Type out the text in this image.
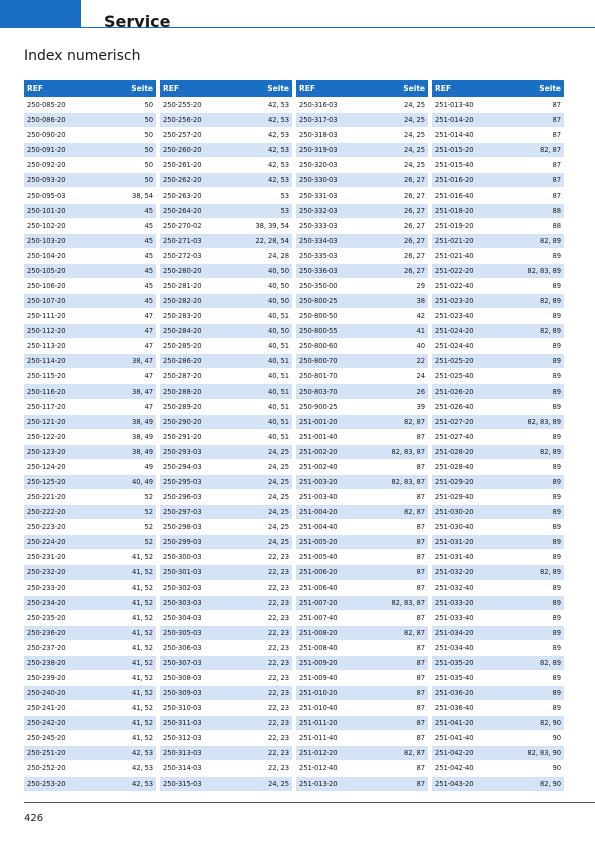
Service
Index numerisch
REF	Seite
250-085-20	50
250-086-20	50
250-090-20	50
250-091-20	50
250-092-20	50
250-093-20	50
250-095-03	38, 54
250-101-20	45
250-102-20	45
250-103-20	45
250-104-20	45
250-105-20	45
250-106-20	45
250-107-20	45
250-111-20	47
250-112-20	47
250-113-20	47
250-114-20	38, 47
250-115-20	47
250-116-20	38, 47
250-117-20	47
250-121-20	38, 49
250-122-20	38, 49
250-123-20	38, 49
250-124-20	49
250-125-20	40, 49
250-221-20	52
250-222-20	52
250-223-20	52
250-224-20	52
250-231-20	41, 52
250-232-20	41, 52
250-233-20	41, 52
250-234-20	41, 52
250-235-20	41, 52
250-236-20	41, 52
250-237-20	41, 52
250-238-20	41, 52
250-239-20	41, 52
250-240-20	41, 52
250-241-20	41, 52
250-242-20	41, 52
250-245-20	41, 52
250-251-20	42, 53
250-252-20	42, 53
250-253-20	42, 53
REF	Seite
250-255-20	42, 53
250-256-20	42, 53
250-257-20	42, 53
250-260-20	42, 53
250-261-20	42, 53
250-262-20	42, 53
250-263-20	53
250-264-20	53
250-270-02	38, 39, 54
250-271-03	22, 28, 54
250-272-03	24, 28
250-280-20	40, 50
250-281-20	40, 50
250-282-20	40, 50
250-283-20	40, 51
250-284-20	40, 50
250-285-20	40, 51
250-286-20	40, 51
250-287-20	40, 51
250-288-20	40, 51
250-289-20	40, 51
250-290-20	40, 51
250-291-20	40, 51
250-293-03	24, 25
250-294-03	24, 25
250-295-03	24, 25
250-296-03	24, 25
250-297-03	24, 25
250-298-03	24, 25
250-299-03	24, 25
250-300-03	22, 23
250-301-03	22, 23
250-302-03	22, 23
250-303-03	22, 23
250-304-03	22, 23
250-305-03	22, 23
250-306-03	22, 23
250-307-03	22, 23
250-308-03	22, 23
250-309-03	22, 23
250-310-03	22, 23
250-311-03	22, 23
250-312-03	22, 23
250-313-03	22, 23
250-314-03	22, 23
250-315-03	24, 25
REF	Seite
250-316-03	24, 25
250-317-03	24, 25
250-318-03	24, 25
250-319-03	24, 25
250-320-03	24, 25
250-330-03	26, 27
250-331-03	26, 27
250-332-03	26, 27
250-333-03	26, 27
250-334-03	26, 27
250-335-03	26, 27
250-336-03	26, 27
250-350-00	29
250-800-25	38
250-800-50	42
250-800-55	41
250-800-60	40
250-800-70	22
250-801-70	24
250-803-70	26
250-900-25	39
251-001-20	82, 87
251-001-40	87
251-002-20	82, 83, 87
251-002-40	87
251-003-20	82, 83, 87
251-003-40	87
251-004-20	82, 87
251-004-40	87
251-005-20	87
251-005-40	87
251-006-20	87
251-006-40	87
251-007-20	82, 83, 87
251-007-40	87
251-008-20	82, 87
251-008-40	87
251-009-20	87
251-009-40	87
251-010-20	87
251-010-40	87
251-011-20	87
251-011-40	87
251-012-20	82, 87
251-012-40	87
251-013-20	87
REF	Seite
251-013-40	87
251-014-20	87
251-014-40	87
251-015-20	82, 87
251-015-40	87
251-016-20	87
251-016-40	87
251-018-20	88
251-019-20	88
251-021-20	82, 89
251-021-40	89
251-022-20	82, 83, 89
251-022-40	89
251-023-20	82, 89
251-023-40	89
251-024-20	82, 89
251-024-40	89
251-025-20	89
251-025-40	89
251-026-20	89
251-026-40	89
251-027-20	82, 83, 89
251-027-40	89
251-028-20	82, 89
251-028-40	89
251-029-20	89
251-029-40	89
251-030-20	89
251-030-40	89
251-031-20	89
251-031-40	89
251-032-20	82, 89
251-032-40	89
251-033-20	89
251-033-40	89
251-034-20	89
251-034-40	89
251-035-20	82, 89
251-035-40	89
251-036-20	89
251-036-40	89
251-041-20	82, 90
251-041-40	90
251-042-20	82, 83, 90
251-042-40	90
251-043-20	82, 90
426
